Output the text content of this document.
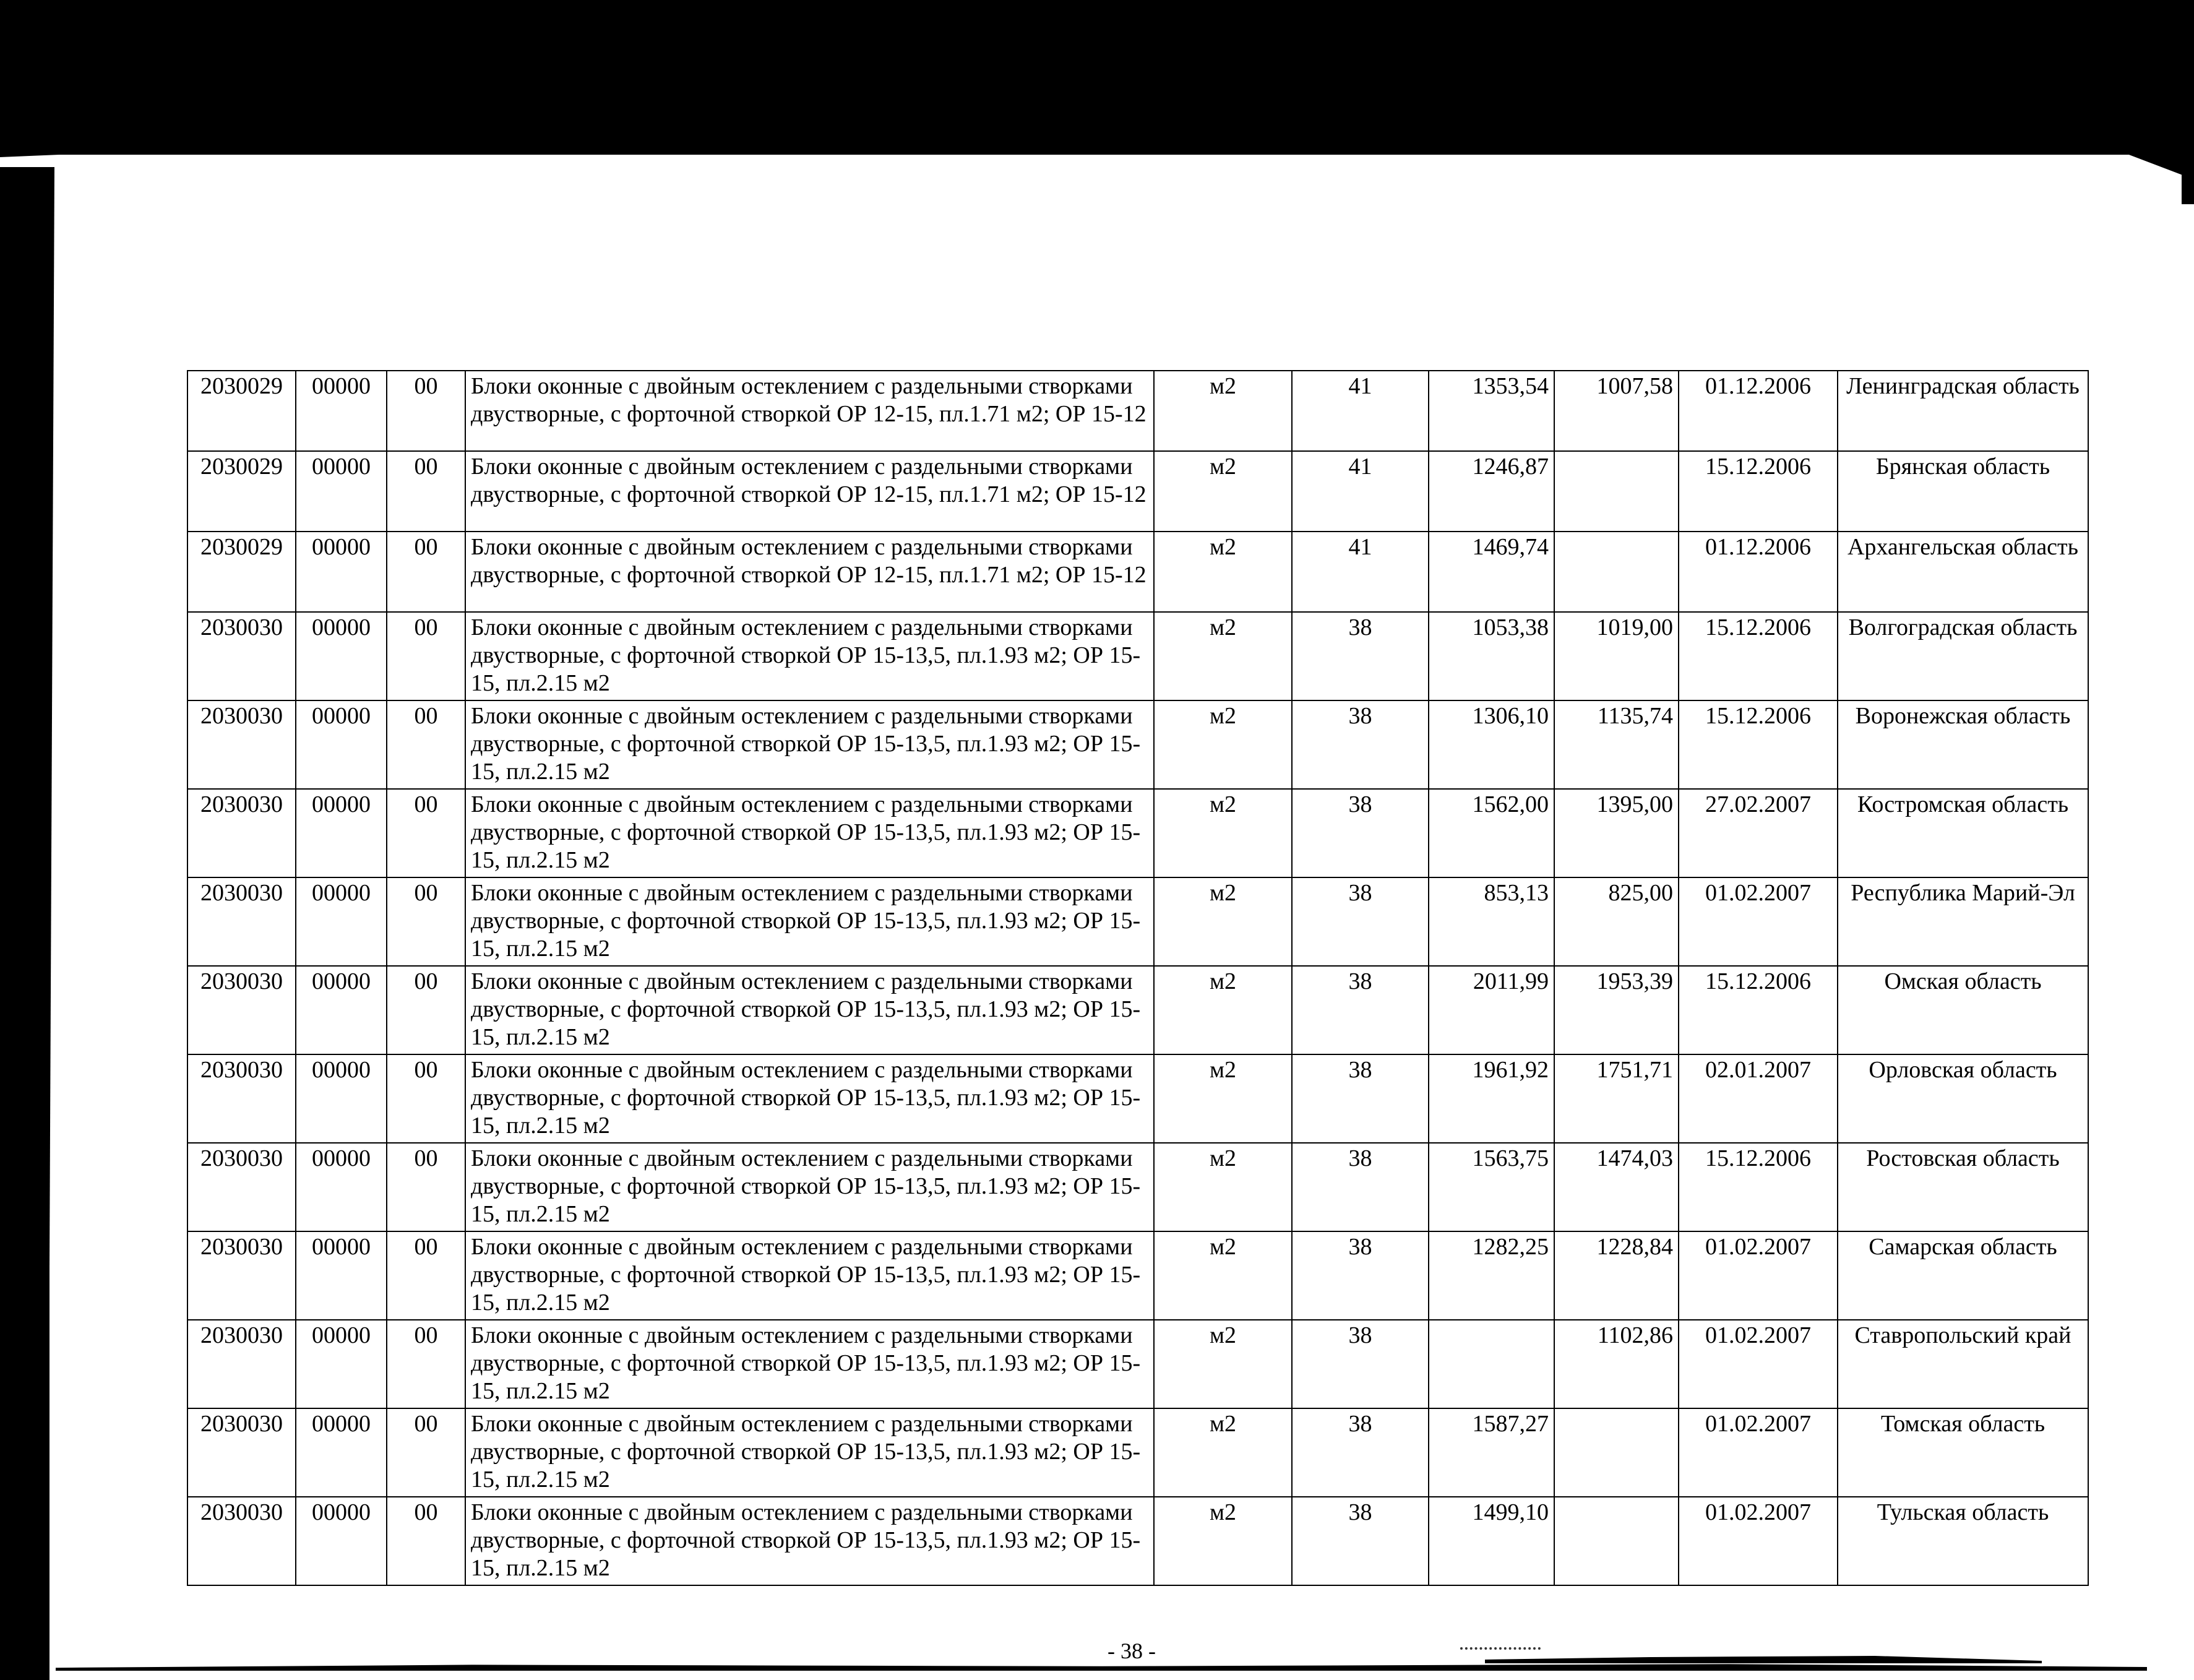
2030029	00000	00	Блоки оконные с двойным остеклением с раздельными створками двустворные, с форточной створкой ОР 12-15, пл.1.71 м2; ОР 15-12	м2	41	1353,54	1007,58	01.12.2006	Ленинградская область
2030029	00000	00	Блоки оконные с двойным остеклением с раздельными створками двустворные, с форточной створкой ОР 12-15, пл.1.71 м2; ОР 15-12	м2	41	1246,87		15.12.2006	Брянская область
2030029	00000	00	Блоки оконные с двойным остеклением с раздельными створками двустворные, с форточной створкой ОР 12-15, пл.1.71 м2; ОР 15-12	м2	41	1469,74		01.12.2006	Архангельская область
2030030	00000	00	Блоки оконные с двойным остеклением с раздельными створками двустворные, с форточной створкой ОР 15-13,5, пл.1.93 м2; ОР 15-15, пл.2.15 м2	м2	38	1053,38	1019,00	15.12.2006	Волгоградская область
2030030	00000	00	Блоки оконные с двойным остеклением с раздельными створками двустворные, с форточной створкой ОР 15-13,5, пл.1.93 м2; ОР 15-15, пл.2.15 м2	м2	38	1306,10	1135,74	15.12.2006	Воронежская область
2030030	00000	00	Блоки оконные с двойным остеклением с раздельными створками двустворные, с форточной створкой ОР 15-13,5, пл.1.93 м2; ОР 15-15, пл.2.15 м2	м2	38	1562,00	1395,00	27.02.2007	Костромская область
2030030	00000	00	Блоки оконные с двойным остеклением с раздельными створками двустворные, с форточной створкой ОР 15-13,5, пл.1.93 м2; ОР 15-15, пл.2.15 м2	м2	38	853,13	825,00	01.02.2007	Республика Марий-Эл
2030030	00000	00	Блоки оконные с двойным остеклением с раздельными створками двустворные, с форточной створкой ОР 15-13,5, пл.1.93 м2; ОР 15-15, пл.2.15 м2	м2	38	2011,99	1953,39	15.12.2006	Омская область
2030030	00000	00	Блоки оконные с двойным остеклением с раздельными створками двустворные, с форточной створкой ОР 15-13,5, пл.1.93 м2; ОР 15-15, пл.2.15 м2	м2	38	1961,92	1751,71	02.01.2007	Орловская область
2030030	00000	00	Блоки оконные с двойным остеклением с раздельными створками двустворные, с форточной створкой ОР 15-13,5, пл.1.93 м2; ОР 15-15, пл.2.15 м2	м2	38	1563,75	1474,03	15.12.2006	Ростовская область
2030030	00000	00	Блоки оконные с двойным остеклением с раздельными створками двустворные, с форточной створкой ОР 15-13,5, пл.1.93 м2; ОР 15-15, пл.2.15 м2	м2	38	1282,25	1228,84	01.02.2007	Самарская область
2030030	00000	00	Блоки оконные с двойным остеклением с раздельными створками двустворные, с форточной створкой ОР 15-13,5, пл.1.93 м2; ОР 15-15, пл.2.15 м2	м2	38		1102,86	01.02.2007	Ставропольский край
2030030	00000	00	Блоки оконные с двойным остеклением с раздельными створками двустворные, с форточной створкой ОР 15-13,5, пл.1.93 м2; ОР 15-15, пл.2.15 м2	м2	38	1587,27		01.02.2007	Томская область
2030030	00000	00	Блоки оконные с двойным остеклением с раздельными створками двустворные, с форточной створкой ОР 15-13,5, пл.1.93 м2; ОР 15-15, пл.2.15 м2	м2	38	1499,10		01.02.2007	Тульская область
- 38 -
